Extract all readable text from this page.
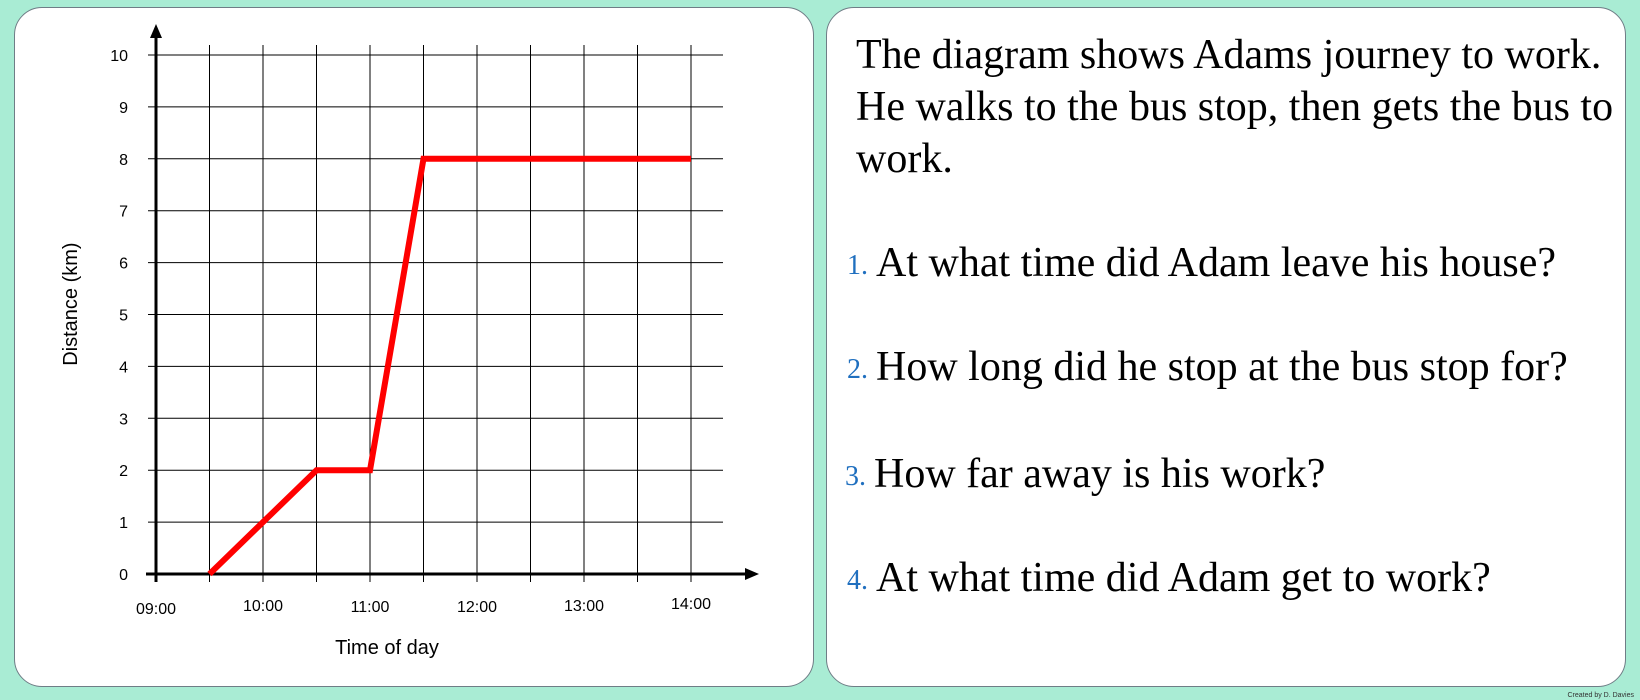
0
1
2
3
4
5
6
7
8
9
10
09:00	10:00	11:00	12:00	13:00	14:00
Time of day
Distance (km)
The diagram shows Adams journey to work.
He walks to the bus stop, then gets the bus to
work.
1. At what time did Adam leave his house?
2. How long did he stop at the bus stop for?
3. How far away is his work?
4. At what time did Adam get to work?
Created by D. Davies
